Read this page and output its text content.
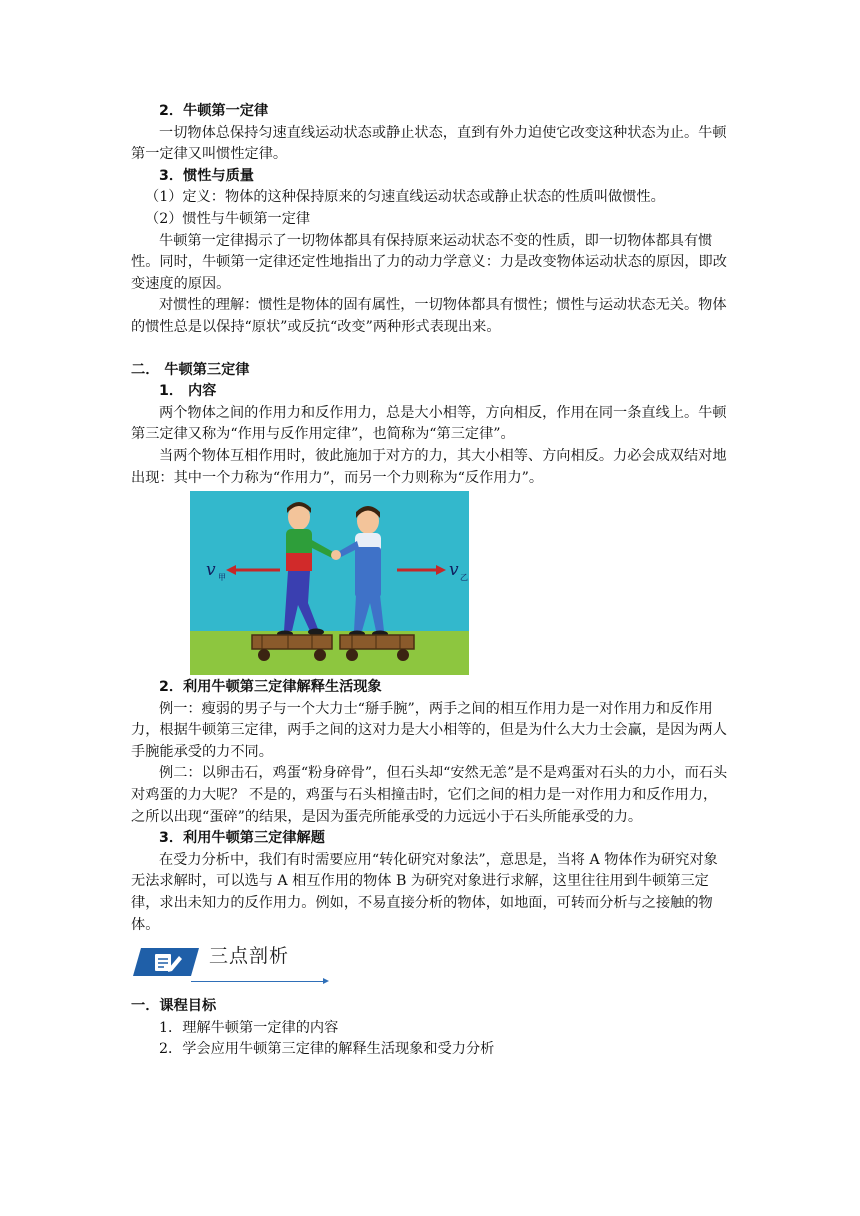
2．牛顿第一定律

一切物体总保持匀速直线运动状态或静止状态，直到有外力迫使它改变这种状态为止。牛顿第一定律又叫惯性定律。

3．惯性与质量

（1）定义：物体的这种保持原来的匀速直线运动状态或静止状态的性质叫做惯性。

（2）惯性与牛顿第一定律

牛顿第一定律揭示了一切物体都具有保持原来运动状态不变的性质，即一切物体都具有惯性。同时，牛顿第一定律还定性地指出了力的动力学意义：力是改变物体运动状态的原因，即改变速度的原因。

对惯性的理解：惯性是物体的固有属性，一切物体都具有惯性；惯性与运动状态无关。物体的惯性总是以保持“原状”或反抗“改变”两种形式表现出来。

二． 牛顿第三定律

1． 内容

两个物体之间的作用力和反作用力，总是大小相等，方向相反，作用在同一条直线上。牛顿第三定律又称为“作用与反作用定律”，也简称为“第三定律”。

当两个物体互相作用时，彼此施加于对方的力，其大小相等、方向相反。力必会成双结对地出现：其中一个力称为“作用力”，而另一个力则称为“反作用力”。

v 甲	v 乙

2．利用牛顿第三定律解释生活现象

例一：瘦弱的男子与一个大力士“掰手腕”，两手之间的相互作用力是一对作用力和反作用力，根据牛顿第三定律，两手之间的这对力是大小相等的，但是为什么大力士会赢，是因为两人手腕能承受的力不同。

例二：以卵击石，鸡蛋“粉身碎骨”，但石头却“安然无恙”是不是鸡蛋对石头的力小，而石头对鸡蛋的力大呢？ 不是的，鸡蛋与石头相撞击时，它们之间的相力是一对作用力和反作用力，之所以出现“蛋碎”的结果，是因为蛋壳所能承受的力远远小于石头所能承受的力。

3．利用牛顿第三定律解题

在受力分析中，我们有时需要应用“转化研究对象法”，意思是，当将 A 物体作为研究对象无法求解时，可以选与 A 相互作用的物体 B 为研究对象进行求解，这里往往用到牛顿第三定律，求出未知力的反作用力。例如，不易直接分析的物体，如地面，可转而分析与之接触的物体。

三点剖析

一．课程目标

1．理解牛顿第一定律的内容

2．学会应用牛顿第三定律的解释生活现象和受力分析
